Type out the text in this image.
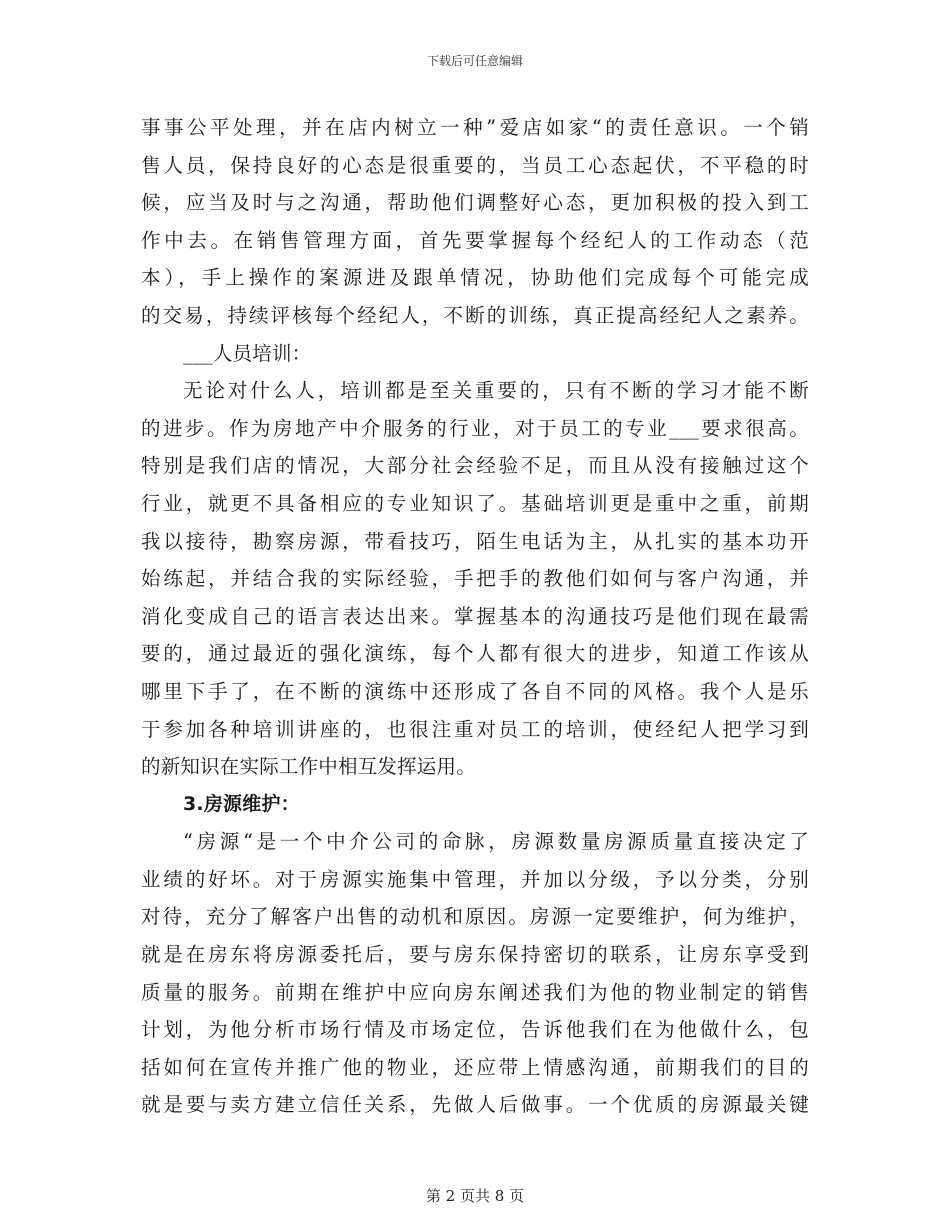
下载后可任意编辑
事事公平处理，并在店内树立一种”爱店如家“的责任意识。一个销
售人员，保持良好的心态是很重要的，当员工心态起伏，不平稳的时
候，应当及时与之沟通，帮助他们调整好心态，更加积极的投入到工
作中去。在销售管理方面，首先要掌握每个经纪人的工作动态（范
本），手上操作的案源进及跟单情况，协助他们完成每个可能完成
的交易，持续评核每个经纪人，不断的训练，真正提高经纪人之素养。
___人员培训：
无论对什么人，培训都是至关重要的，只有不断的学习才能不断
的进步。作为房地产中介服务的行业，对于员工的专业___要求很高。
特别是我们店的情况，大部分社会经验不足，而且从没有接触过这个
行业，就更不具备相应的专业知识了。基础培训更是重中之重，前期
我以接待，勘察房源，带看技巧，陌生电话为主，从扎实的基本功开
始练起，并结合我的实际经验，手把手的教他们如何与客户沟通，并
消化变成自己的语言表达出来。掌握基本的沟通技巧是他们现在最需
要的，通过最近的强化演练，每个人都有很大的进步，知道工作该从
哪里下手了，在不断的演练中还形成了各自不同的风格。我个人是乐
于参加各种培训讲座的，也很注重对员工的培训，使经纪人把学习到
的新知识在实际工作中相互发挥运用。
3.房源维护：
“房源“是一个中介公司的命脉，房源数量房源质量直接决定了
业绩的好坏。对于房源实施集中管理，并加以分级，予以分类，分别
对待，充分了解客户出售的动机和原因。房源一定要维护，何为维护，
就是在房东将房源委托后，要与房东保持密切的联系，让房东享受到
质量的服务。前期在维护中应向房东阐述我们为他的物业制定的销售
计划，为他分析市场行情及市场定位，告诉他我们在为他做什么，包
括如何在宣传并推广他的物业，还应带上情感沟通，前期我们的目的
就是要与卖方建立信任关系，先做人后做事。一个优质的房源最关键
第 2 页共 8 页
